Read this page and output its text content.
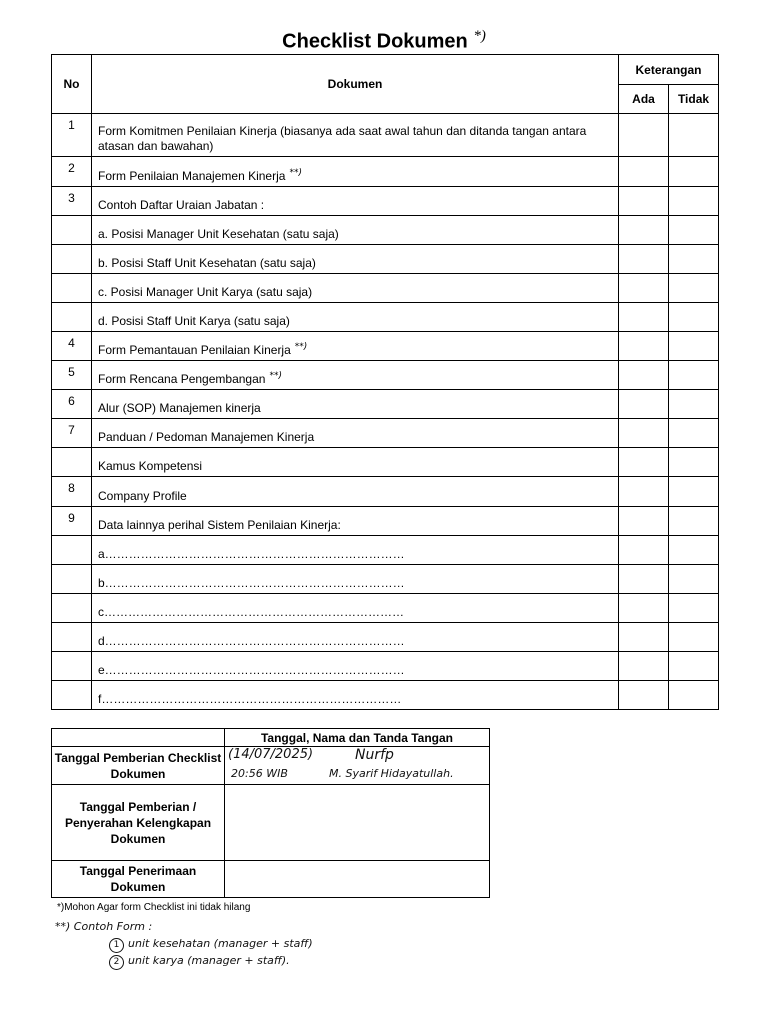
Checklist Dokumen *)
No	Dokumen	Keterangan	
		Ada	Tidak
1	Form Komitmen Penilaian Kinerja (biasanya ada saat awal tahun dan ditanda tangan antara atasan dan bawahan)		
2	Form Penilaian Manajemen Kinerja **)		
3	Contoh Daftar Uraian Jabatan :		
	a. Posisi Manager Unit Kesehatan (satu saja)		
	b. Posisi Staff Unit Kesehatan (satu saja)		
	c. Posisi Manager Unit Karya (satu saja)		
	d. Posisi Staff Unit Karya (satu saja)		
4	Form Pemantauan Penilaian Kinerja **)		
5	Form Rencana Pengembangan **)		
6	Alur (SOP) Manajemen kinerja		
7	Panduan / Pedoman Manajemen Kinerja		
	Kamus Kompetensi		
8	Company Profile		
9	Data lainnya perihal Sistem Penilaian Kinerja:		
	a…………………………………………………………………		
	b…………………………………………………………………		
	c…………………………………………………………………		
	d…………………………………………………………………		
	e…………………………………………………………………		
	f…………………………………………………………………		
	Tanggal, Nama dan Tanda Tangan
Tanggal Pemberian Checklist Dokumen	(14/07/2025)
20:56 WIB
Nurfp
M. Syarif Hidayatullah.

Tanggal Pemberian / Penyerahan Kelengkapan Dokumen	
Tanggal Penerimaan Dokumen	
*)Mohon Agar form Checklist ini tidak hilang
**) Contoh Form :
1 unit kesehatan (manager + staff)
2 unit karya (manager + staff).
